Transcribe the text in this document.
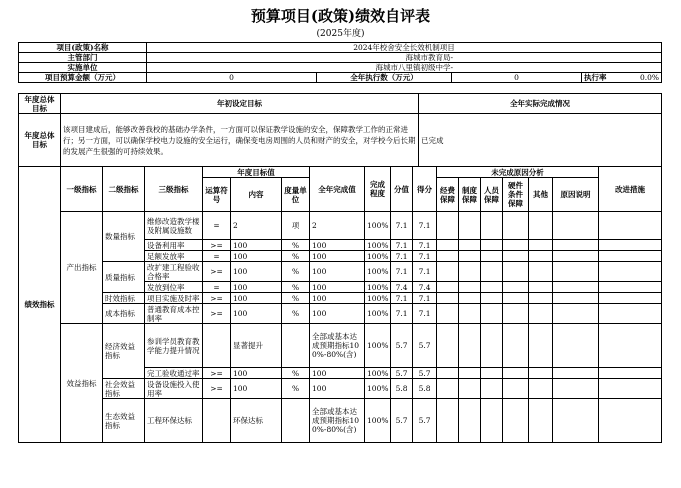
预算项目(政策)绩效自评表
(2025年度)
项目(政策)名称	2024年校舍安全长效机制项目			
主管部门	海城市教育局-			
实施单位	海城市八里镇初级中学-			
项目预算金额（万元）	0	全年执行数（万元）	0	执行率 0.0%
年度总体目标	年初设定目标	全年实际完成情况
年度总体目标	该项目建成后，能够改善我校的基础办学条件，一方面可以保证教学设施的安全，保障教学工作的正常进行；另一方面，可以确保学校电力设施的安全运行，确保变电房周围的人员和财产的安全，对学校今后长期的发展产生很强的可持续效果。	已完成
绩效指标	一级指标	二级指标	三级指标	年度目标值			全年完成值	完成程度	分值	得分	未完成原因分析						改进措施
				运算符号	内容	度量单位					经费保障	制度保障	人员保障	硬件条件保障	其他	原因说明	

	产出指标	数量指标	维修改造教学楼及附属设施数	=	2	项	2	100%	7.1	7.1							
			设备利用率	>=	100	%	100	100%	7.1	7.1							
			足额发放率	=	100	%	100	100%	7.1	7.1							
		质量指标	改扩建工程验收合格率	>=	100	%	100	100%	7.1	7.1							
			发放到位率	=	100	%	100	100%	7.4	7.4							
		时效指标	项目实施及时率	>=	100	%	100	100%	7.1	7.1							
		成本指标	普通教育成本控制率	>=	100	%	100	100%	7.1	7.1							
	效益指标	经济效益指标	参训学员教育教学能力提升情况		显著提升		全部或基本达成预期指标100%-80%(含)	100%	5.7	5.7							
			完工验收通过率	>=	100	%	100	100%	5.7	5.7							
		社会效益指标	设备设施投入使用率	>=	100	%	100	100%	5.8	5.8							
		生态效益指标	工程环保达标		环保达标		全部或基本达成预期指标100%-80%(含)	100%	5.7	5.7							
